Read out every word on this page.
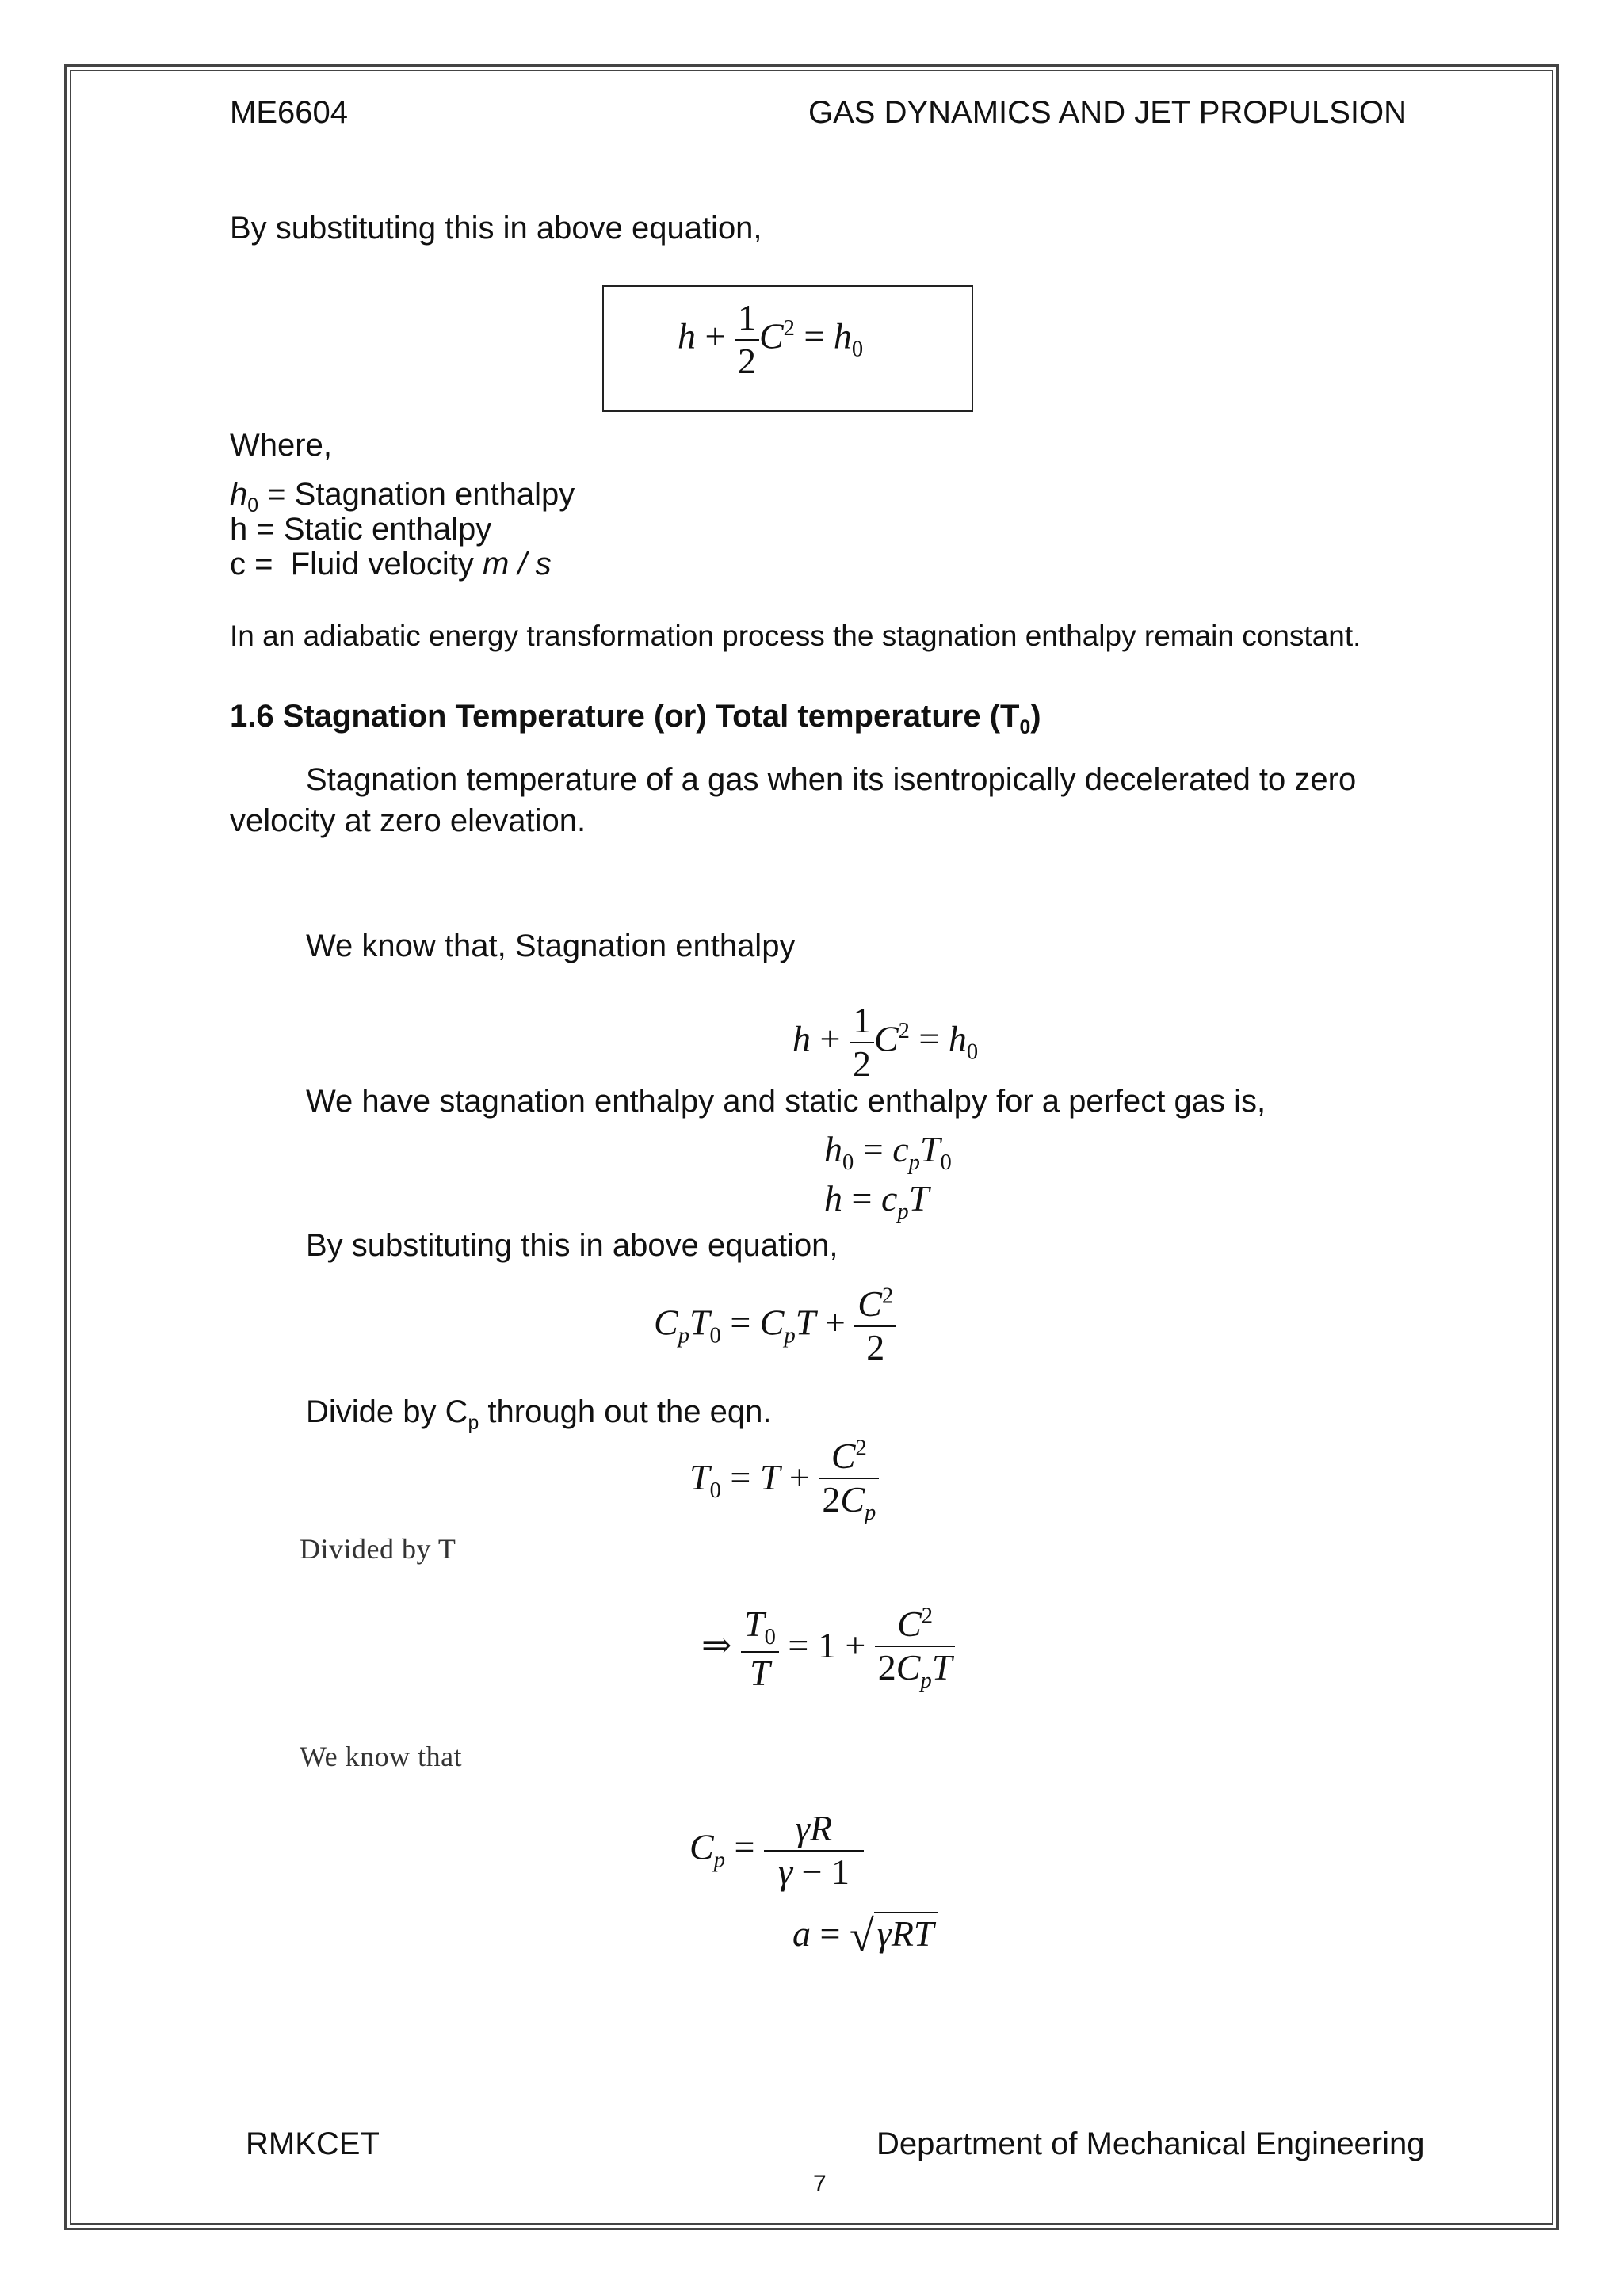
ME6604	GAS DYNAMICS AND JET PROPULSION
By substituting this in above equation,
$h + \frac{1}{2} C^2 = h_0$
Where,
$h_0$ = Stagnation enthalpy
h = Static enthalpy
c =  Fluid velocity m / s
In an adiabatic energy transformation process the stagnation enthalpy remain constant.
1.6 Stagnation Temperature (or) Total temperature $(T_0)$
Stagnation temperature of a gas when its isentropically decelerated to zero
velocity at zero elevation.
We know that, Stagnation enthalpy
$h + \frac{1}{2} C^2 = h_0$
We have stagnation enthalpy and static enthalpy for a perfect gas is,
$h_0 = c_pT_0$
$h = c_pT$
By substituting this in above equation,
$C_pT_0 = C_pT + \frac{C^2}{2}$
Divide by $C_p$ through out the eqn.
$T_0 = T + \frac{C^2}{2C_p}$
Divided by T
⇒ $\frac{T_0}{T} = 1 + \frac{C^2}{2C_pT}$
We know that
$C_p = \frac{\gamma R}{\gamma - 1}$
a = √γRT
RMKCET	Department of Mechanical Engineering
7
